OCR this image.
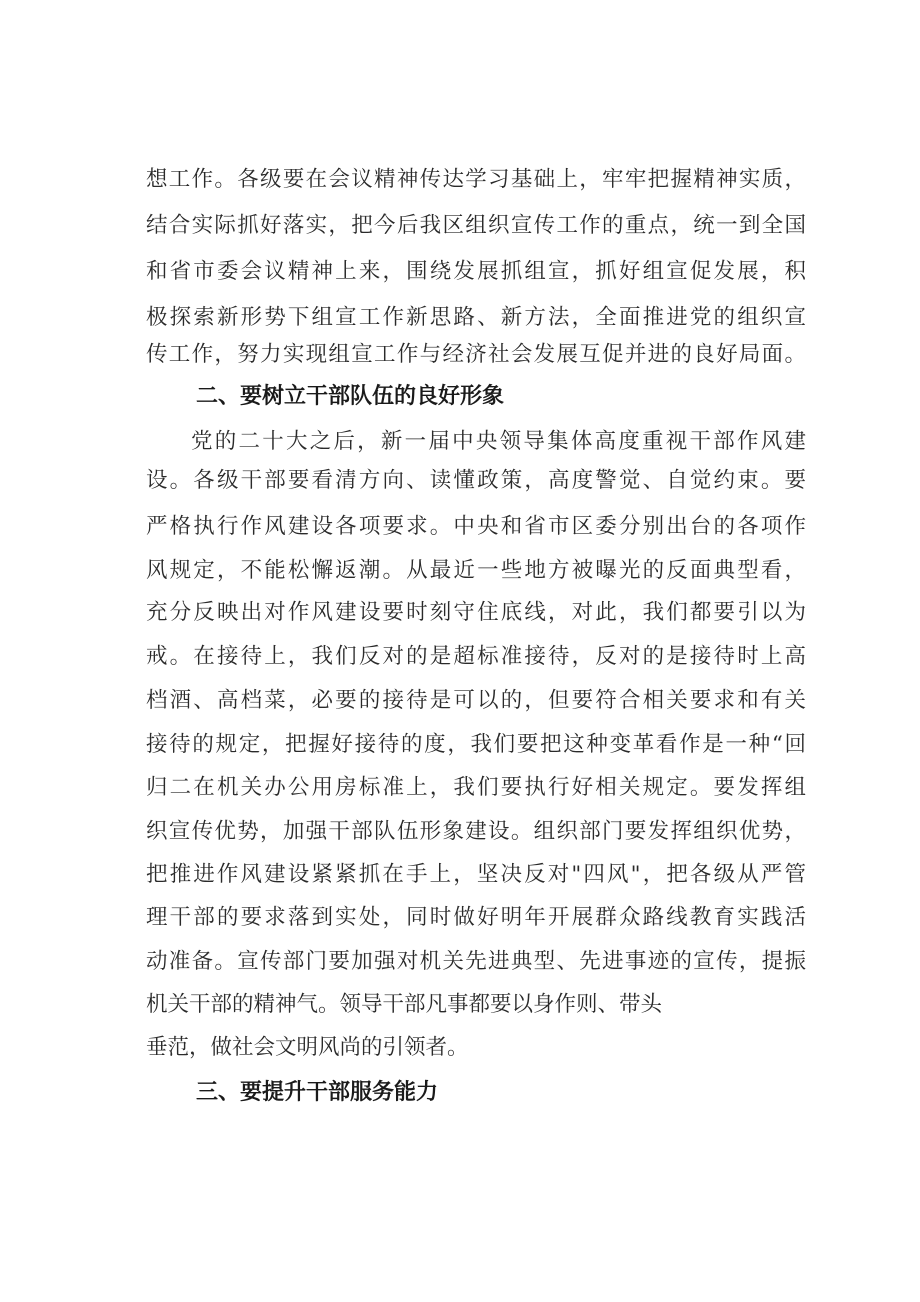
想工作。各级要在会议精神传达学习基础上，牢牢把握精神实质，

结合实际抓好落实，把今后我区组织宣传工作的重点，统一到全国

和省市委会议精神上来，围绕发展抓组宣，抓好组宣促发展，积

极探索新形势下组宣工作新思路、新方法，全面推进党的组织宣

传工作，努力实现组宣工作与经济社会发展互促并进的良好局面。

二、要树立干部队伍的良好形象

党的二十大之后，新一届中央领导集体高度重视干部作风建

设。各级干部要看清方向、读懂政策，高度警觉、自觉约束。要

严格执行作风建设各项要求。中央和省市区委分别出台的各项作

风规定，不能松懈返潮。从最近一些地方被曝光的反面典型看，

充分反映出对作风建设要时刻守住底线，对此，我们都要引以为

戒。在接待上，我们反对的是超标准接待，反对的是接待时上高

档酒、高档菜，必要的接待是可以的，但要符合相关要求和有关

接待的规定，把握好接待的度，我们要把这种变革看作是一种“回

归二在机关办公用房标准上，我们要执行好相关规定。要发挥组

织宣传优势，加强干部队伍形象建设。组织部门要发挥组织优势，

把推进作风建设紧紧抓在手上，坚决反对"四风"，把各级从严管

理干部的要求落到实处，同时做好明年开展群众路线教育实践活

动准备。宣传部门要加强对机关先进典型、先进事迹的宣传，提振

机关干部的精神气。领导干部凡事都要以身作则、带头

垂范，做社会文明风尚的引领者。

三、要提升干部服务能力
